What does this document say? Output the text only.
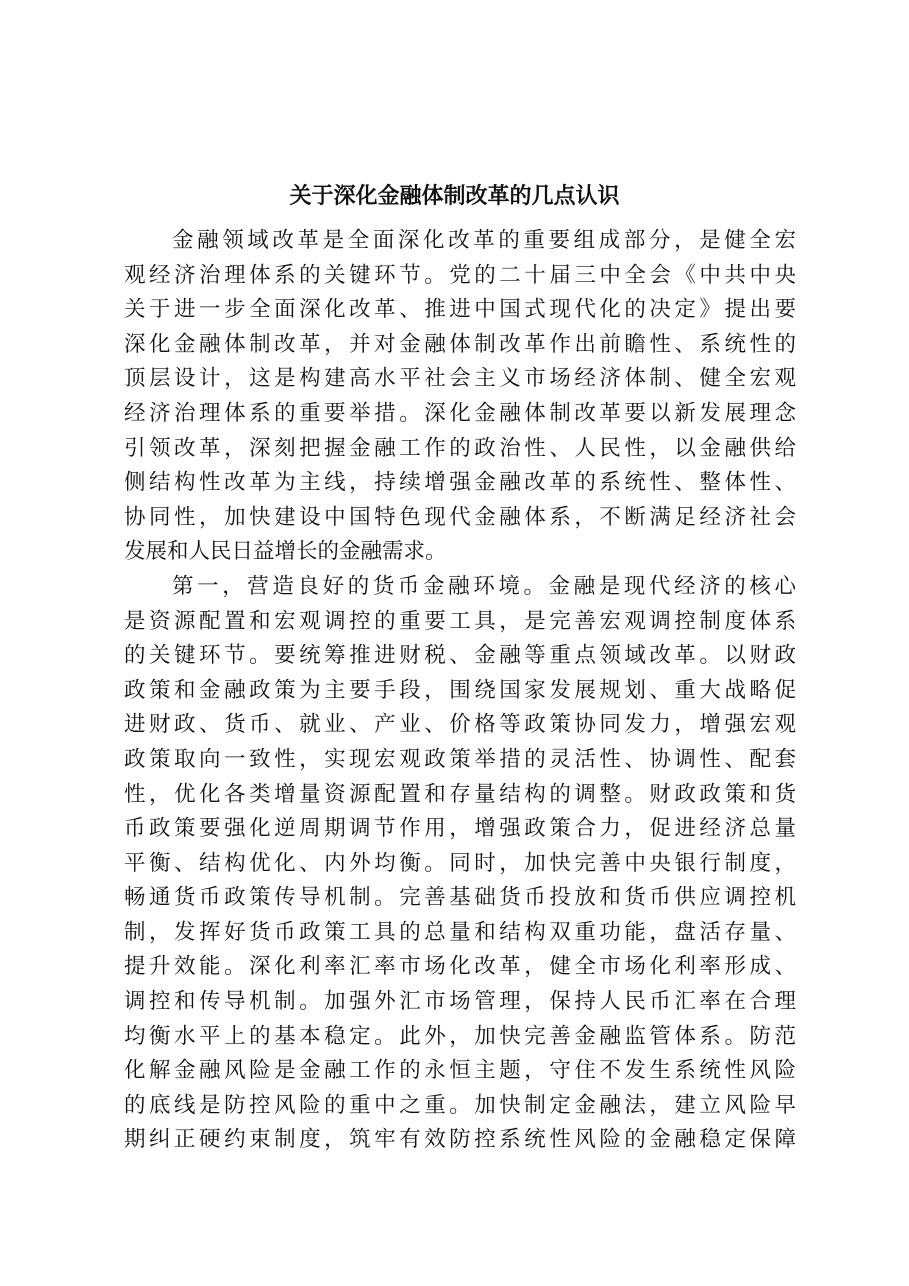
关于深化金融体制改革的几点认识
金融领域改革是全面深化改革的重要组成部分，是健全宏
观经济治理体系的关键环节。党的二十届三中全会《中共中央
关于进一步全面深化改革、推进中国式现代化的决定》提出要
深化金融体制改革，并对金融体制改革作出前瞻性、系统性的
顶层设计，这是构建高水平社会主义市场经济体制、健全宏观
经济治理体系的重要举措。深化金融体制改革要以新发展理念
引领改革，深刻把握金融工作的政治性、人民性，以金融供给
侧结构性改革为主线，持续增强金融改革的系统性、整体性、
协同性，加快建设中国特色现代金融体系，不断满足经济社会
发展和人民日益增长的金融需求。
第一，营造良好的货币金融环境。金融是现代经济的核心
是资源配置和宏观调控的重要工具，是完善宏观调控制度体系
的关键环节。要统筹推进财税、金融等重点领域改革。以财政
政策和金融政策为主要手段，围绕国家发展规划、重大战略促
进财政、货币、就业、产业、价格等政策协同发力，增强宏观
政策取向一致性，实现宏观政策举措的灵活性、协调性、配套
性，优化各类增量资源配置和存量结构的调整。财政政策和货
币政策要强化逆周期调节作用，增强政策合力，促进经济总量
平衡、结构优化、内外均衡。同时，加快完善中央银行制度，
畅通货币政策传导机制。完善基础货币投放和货币供应调控机
制，发挥好货币政策工具的总量和结构双重功能，盘活存量、
提升效能。深化利率汇率市场化改革，健全市场化利率形成、
调控和传导机制。加强外汇市场管理，保持人民币汇率在合理
均衡水平上的基本稳定。此外，加快完善金融监管体系。防范
化解金融风险是金融工作的永恒主题，守住不发生系统性风险
的底线是防控风险的重中之重。加快制定金融法，建立风险早
期纠正硬约束制度，筑牢有效防控系统性风险的金融稳定保障
